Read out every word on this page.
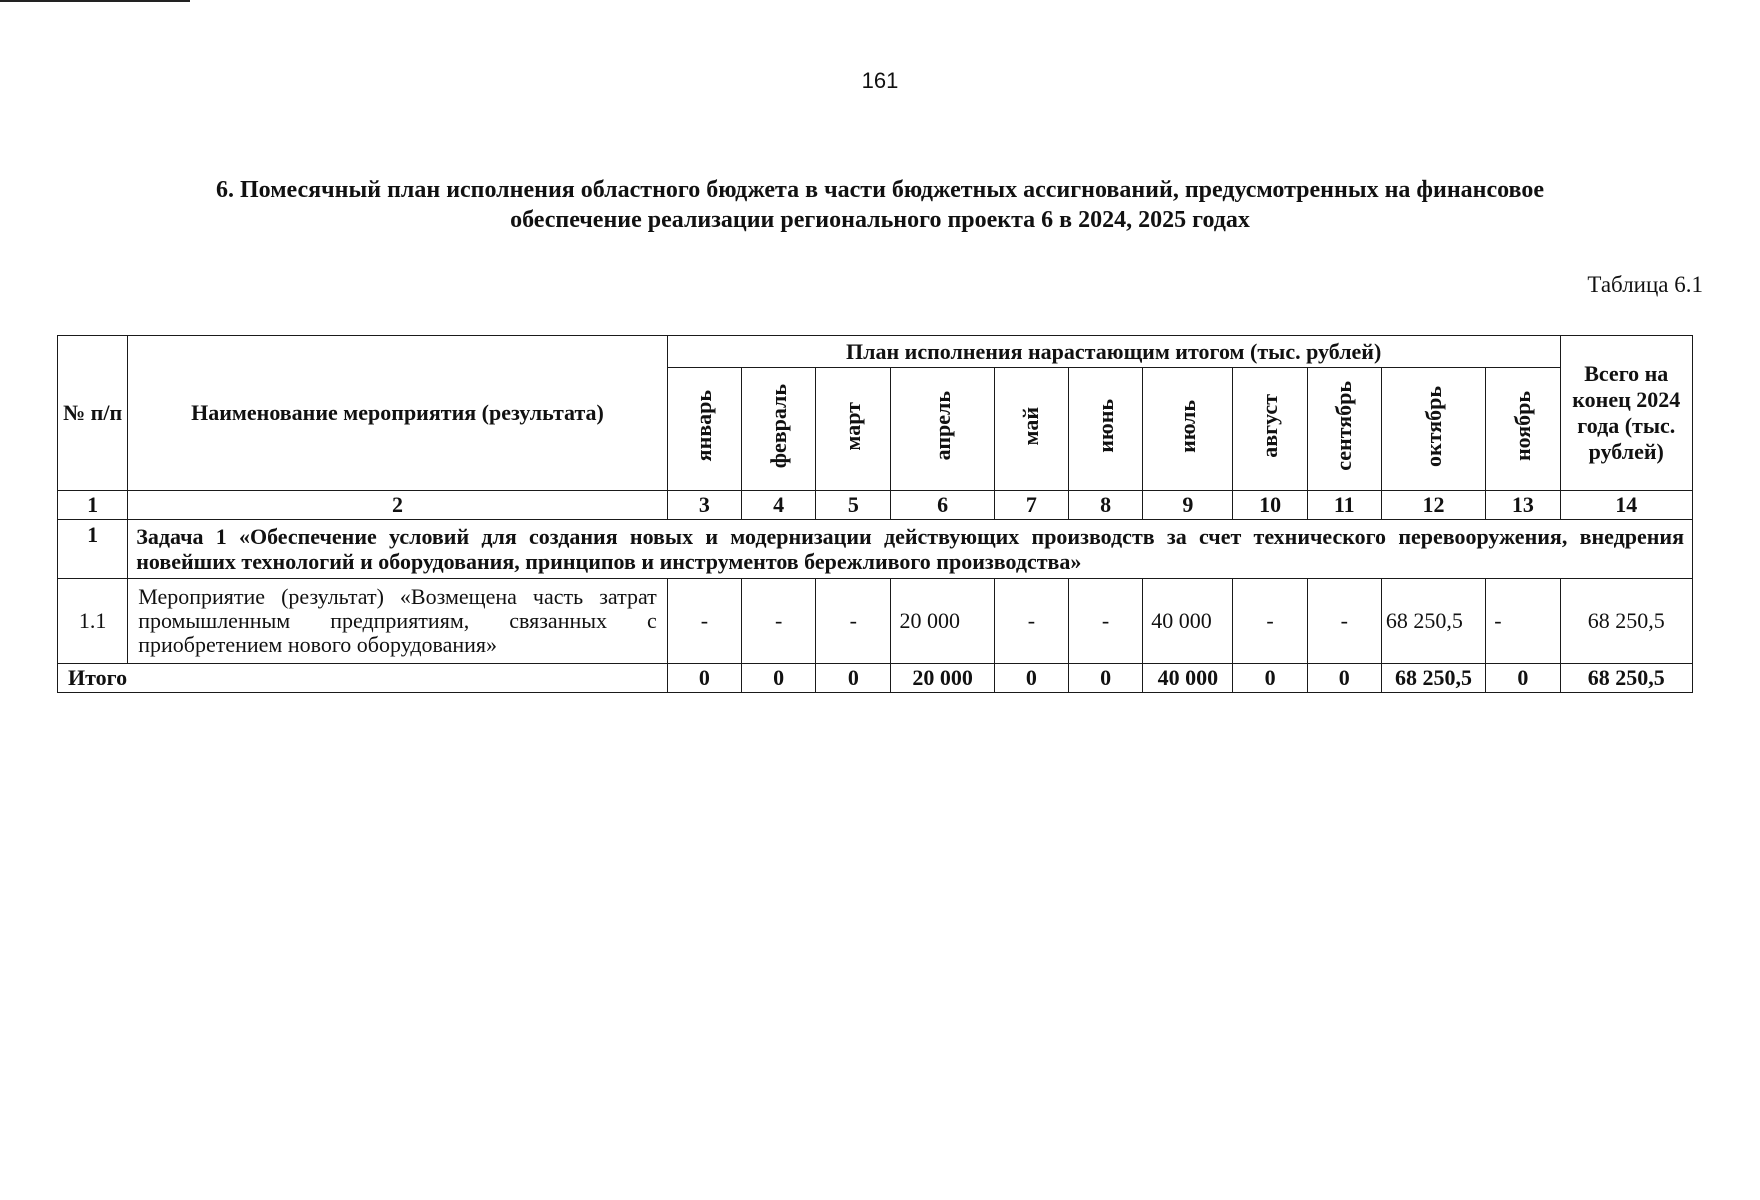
161
6. Помесячный план исполнения областного бюджета в части бюджетных ассигнований, предусмотренных на финансовое
обеспечение реализации регионального проекта 6 в 2024, 2025 годах
Таблица 6.1
№ п/п	Наименование мероприятия (результата)	План исполнения нарастающим итогом (тыс. рублей)											Всего на конец 2024 года (тыс. рублей)
		январь	февраль	март	апрель	май	июнь	июль	август	сентябрь	октябрь	ноябрь	
1	2	3	4	5	6	7	8	9	10	11	12	13	14
1	Задача 1 «Обеспечение условий для создания новых и модернизации действующих производств за счет технического перевооружения, внедрения новейших технологий и оборудования, принципов и инструментов бережливого производства»												
1.1	Мероприятие (результат) «Возмещена часть затрат промышленным предприятиям, связанных с приобретением нового оборудования»	-	-	-	20 000	-	-	40 000	-	-	68 250,5	-	68 250,5
Итого		0	0	0	20 000	0	0	40 000	0	0	68 250,5	0	68 250,5
